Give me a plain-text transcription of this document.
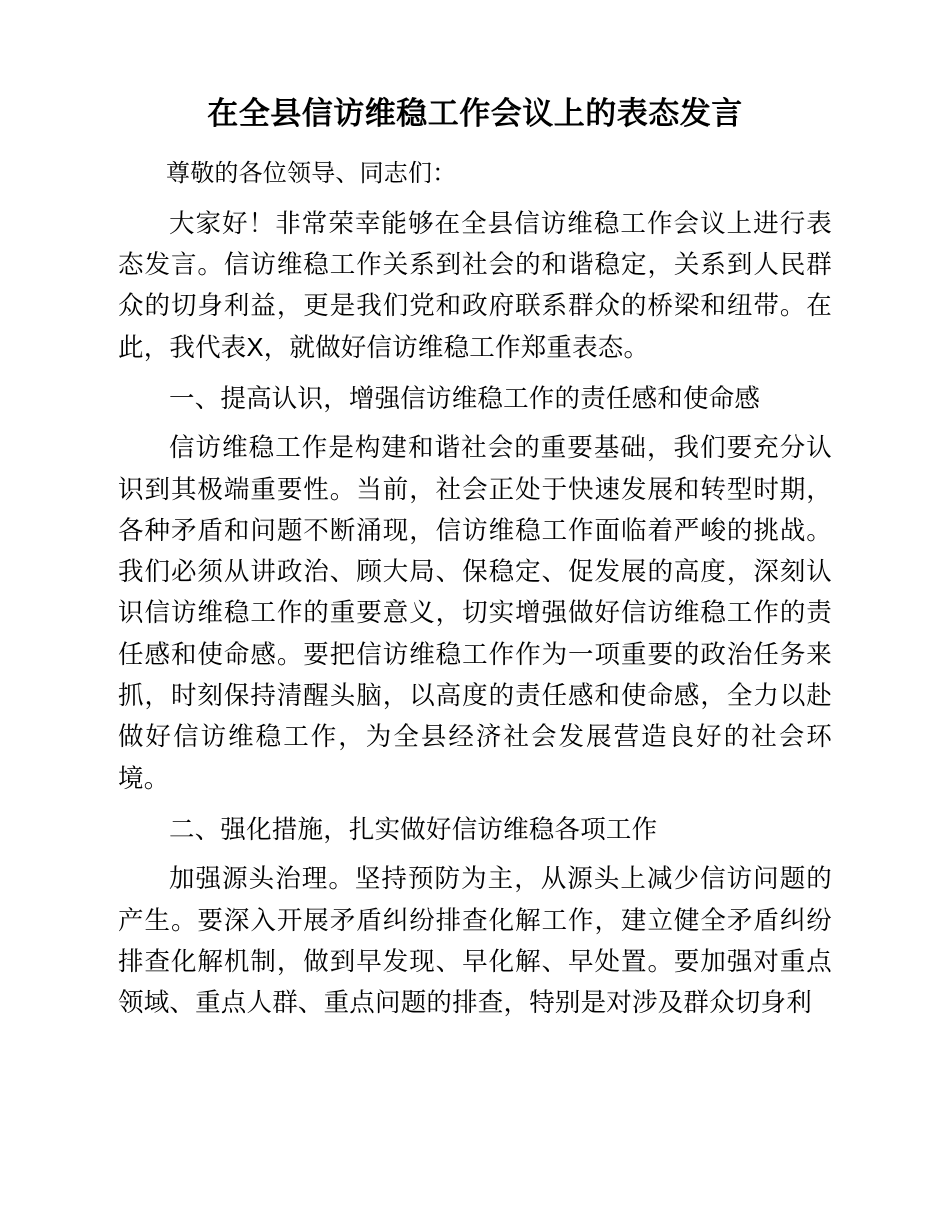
在全县信访维稳工作会议上的表态发言

尊敬的各位领导、同志们：

大家好！非常荣幸能够在全县信访维稳工作会议上进行表态发言。信访维稳工作关系到社会的和谐稳定，关系到人民群众的切身利益，更是我们党和政府联系群众的桥梁和纽带。在此，我代表X，就做好信访维稳工作郑重表态。

一、提高认识，增强信访维稳工作的责任感和使命感

信访维稳工作是构建和谐社会的重要基础，我们要充分认识到其极端重要性。当前，社会正处于快速发展和转型时期，各种矛盾和问题不断涌现，信访维稳工作面临着严峻的挑战。我们必须从讲政治、顾大局、保稳定、促发展的高度，深刻认识信访维稳工作的重要意义，切实增强做好信访维稳工作的责任感和使命感。要把信访维稳工作作为一项重要的政治任务来抓，时刻保持清醒头脑，以高度的责任感和使命感，全力以赴做好信访维稳工作，为全县经济社会发展营造良好的社会环境。

二、强化措施，扎实做好信访维稳各项工作

加强源头治理。坚持预防为主，从源头上减少信访问题的产生。要深入开展矛盾纠纷排查化解工作，建立健全矛盾纠纷排查化解机制，做到早发现、早化解、早处置。要加强对重点领域、重点人群、重点问题的排查，特别是对涉及群众切身利
